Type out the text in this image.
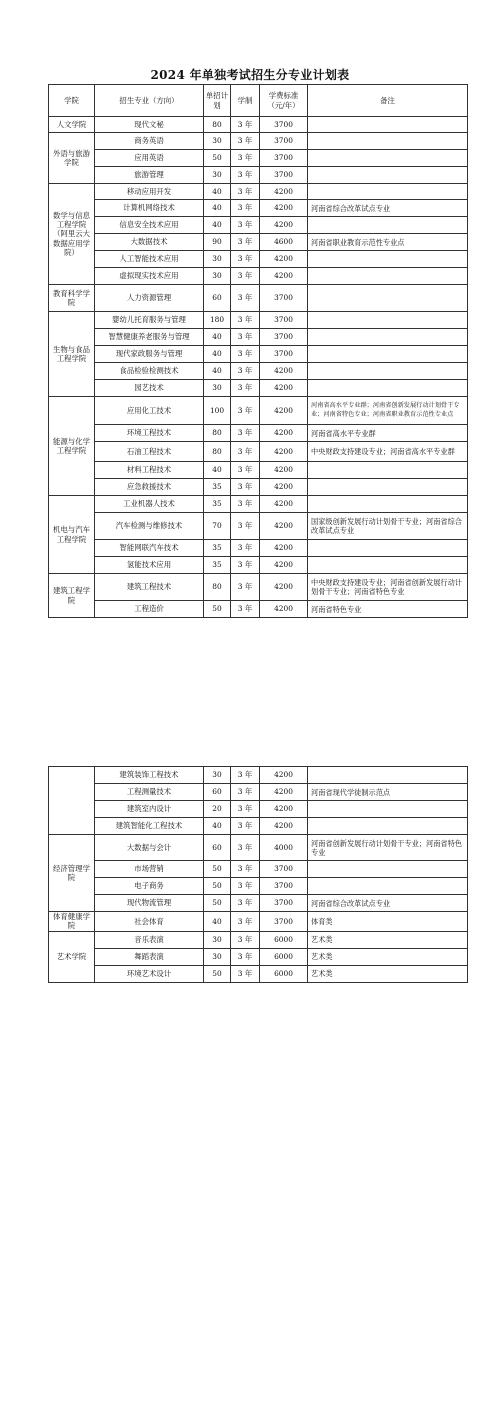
2024 年单独考试招生分专业计划表
学院	招生专业（方向）	单招计划	学制	学费标准（元/年）	备注
人文学院	现代文秘	80	3 年	3700	
外语与旅游学院	商务英语	30	3 年	3700	
	应用英语	50	3 年	3700	
	旅游管理	30	3 年	3700	
数学与信息工程学院（阿里云大数据应用学院）	移动应用开发	40	3 年	4200	
	计算机网络技术	40	3 年	4200	河南省综合改革试点专业
	信息安全技术应用	40	3 年	4200	
	大数据技术	90	3 年	4600	河南省职业教育示范性专业点
	人工智能技术应用	30	3 年	4200	
	虚拟现实技术应用	30	3 年	4200	
教育科学学院	人力资源管理	60	3 年	3700	
生物与食品工程学院	婴幼儿托育服务与管理	180	3 年	3700	
	智慧健康养老服务与管理	40	3 年	3700	
	现代家政服务与管理	40	3 年	3700	
	食品检验检测技术	40	3 年	4200	
	园艺技术	30	3 年	4200	
能源与化学工程学院	应用化工技术	100	3 年	4200	河南省高水平专业群；河南省创新发展行动计划骨干专业；河南省特色专业；河南省职业教育示范性专业点
	环境工程技术	80	3 年	4200	河南省高水平专业群
	石油工程技术	80	3 年	4200	中央财政支持建设专业；河南省高水平专业群
	材料工程技术	40	3 年	4200	
	应急救援技术	35	3 年	4200	
机电与汽车工程学院	工业机器人技术	35	3 年	4200	
	汽车检测与维修技术	70	3 年	4200	国家级创新发展行动计划骨干专业；河南省综合改革试点专业
	智能网联汽车技术	35	3 年	4200	
	氢能技术应用	35	3 年	4200	
建筑工程学院	建筑工程技术	80	3 年	4200	中央财政支持建设专业；河南省创新发展行动计划骨干专业；河南省特色专业
	工程造价	50	3 年	4200	河南省特色专业
	建筑装饰工程技术	30	3 年	4200	
	工程测量技术	60	3 年	4200	河南省现代学徒制示范点
	建筑室内设计	20	3 年	4200	
	建筑智能化工程技术	40	3 年	4200	
经济管理学院	大数据与会计	60	3 年	4000	河南省创新发展行动计划骨干专业；河南省特色专业
	市场营销	50	3 年	3700	
	电子商务	50	3 年	3700	
	现代物流管理	50	3 年	3700	河南省综合改革试点专业
体育健康学院	社会体育	40	3 年	3700	体育类
艺术学院	音乐表演	30	3 年	6000	艺术类
	舞蹈表演	30	3 年	6000	艺术类
	环境艺术设计	50	3 年	6000	艺术类
